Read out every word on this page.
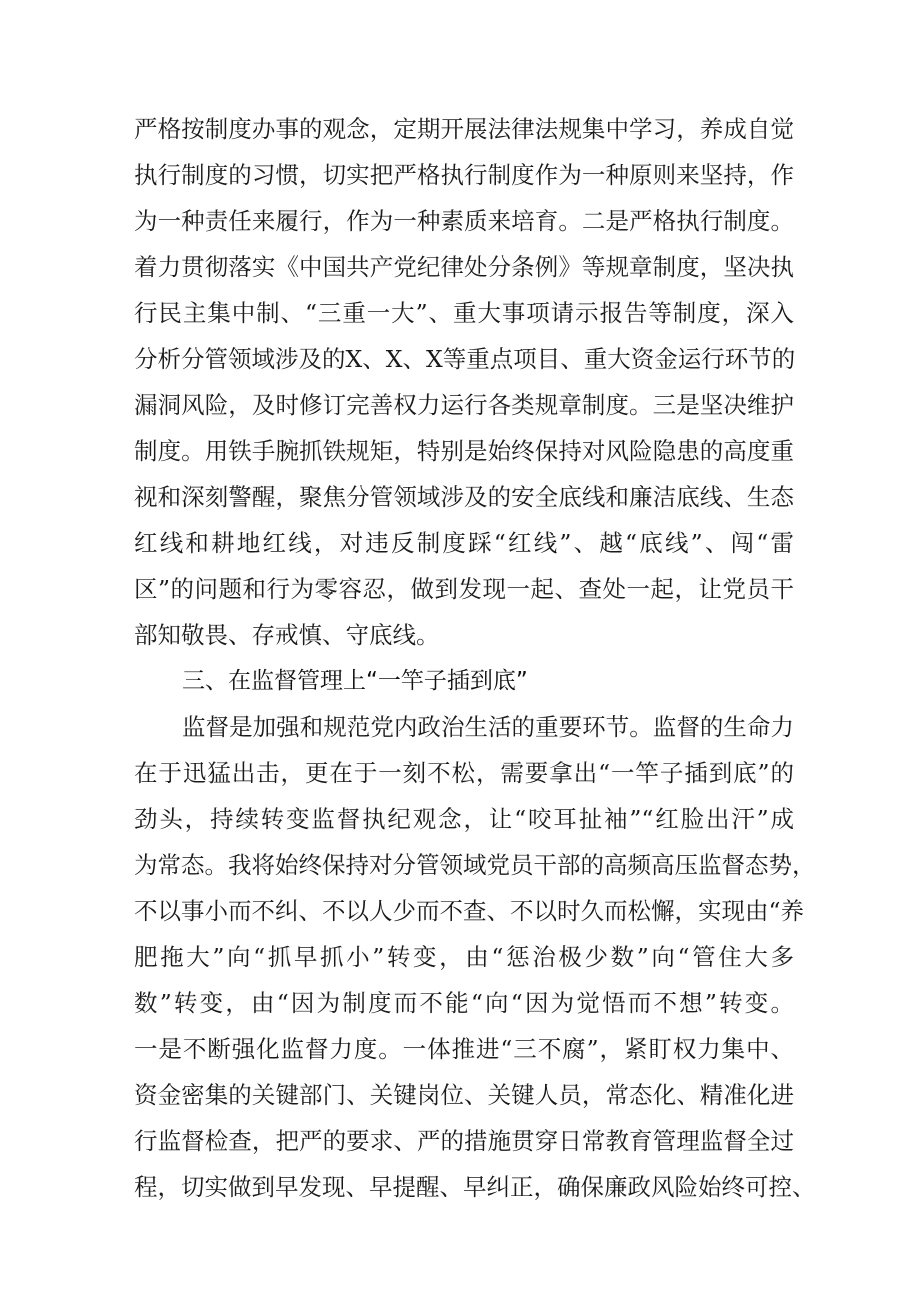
严格按制度办事的观念，定期开展法律法规集中学习，养成自觉
执行制度的习惯，切实把严格执行制度作为一种原则来坚持，作
为一种责任来履行，作为一种素质来培育。二是严格执行制度。
着力贯彻落实《中国共产党纪律处分条例》等规章制度，坚决执
行民主集中制、“三重一大”、重大事项请示报告等制度，深入
分析分管领域涉及的X、X、X等重点项目、重大资金运行环节的
漏洞风险，及时修订完善权力运行各类规章制度。三是坚决维护
制度。用铁手腕抓铁规矩，特别是始终保持对风险隐患的高度重
视和深刻警醒，聚焦分管领域涉及的安全底线和廉洁底线、生态
红线和耕地红线，对违反制度踩“红线”、越“底线”、闯“雷
区”的问题和行为零容忍，做到发现一起、查处一起，让党员干
部知敬畏、存戒慎、守底线。
三、在监督管理上“一竿子插到底”
监督是加强和规范党内政治生活的重要环节。监督的生命力
在于迅猛出击，更在于一刻不松，需要拿出“一竿子插到底”的
劲头，持续转变监督执纪观念，让“咬耳扯袖”“红脸出汗”成
为常态。我将始终保持对分管领域党员干部的高频高压监督态势，
不以事小而不纠、不以人少而不查、不以时久而松懈，实现由“养
肥拖大”向“抓早抓小”转变，由“惩治极少数”向“管住大多
数”转变，由“因为制度而不能“向“因为觉悟而不想”转变。
一是不断强化监督力度。一体推进“三不腐”，紧盯权力集中、
资金密集的关键部门、关键岗位、关键人员，常态化、精准化进
行监督检查，把严的要求、严的措施贯穿日常教育管理监督全过
程，切实做到早发现、早提醒、早纠正，确保廉政风险始终可控、
